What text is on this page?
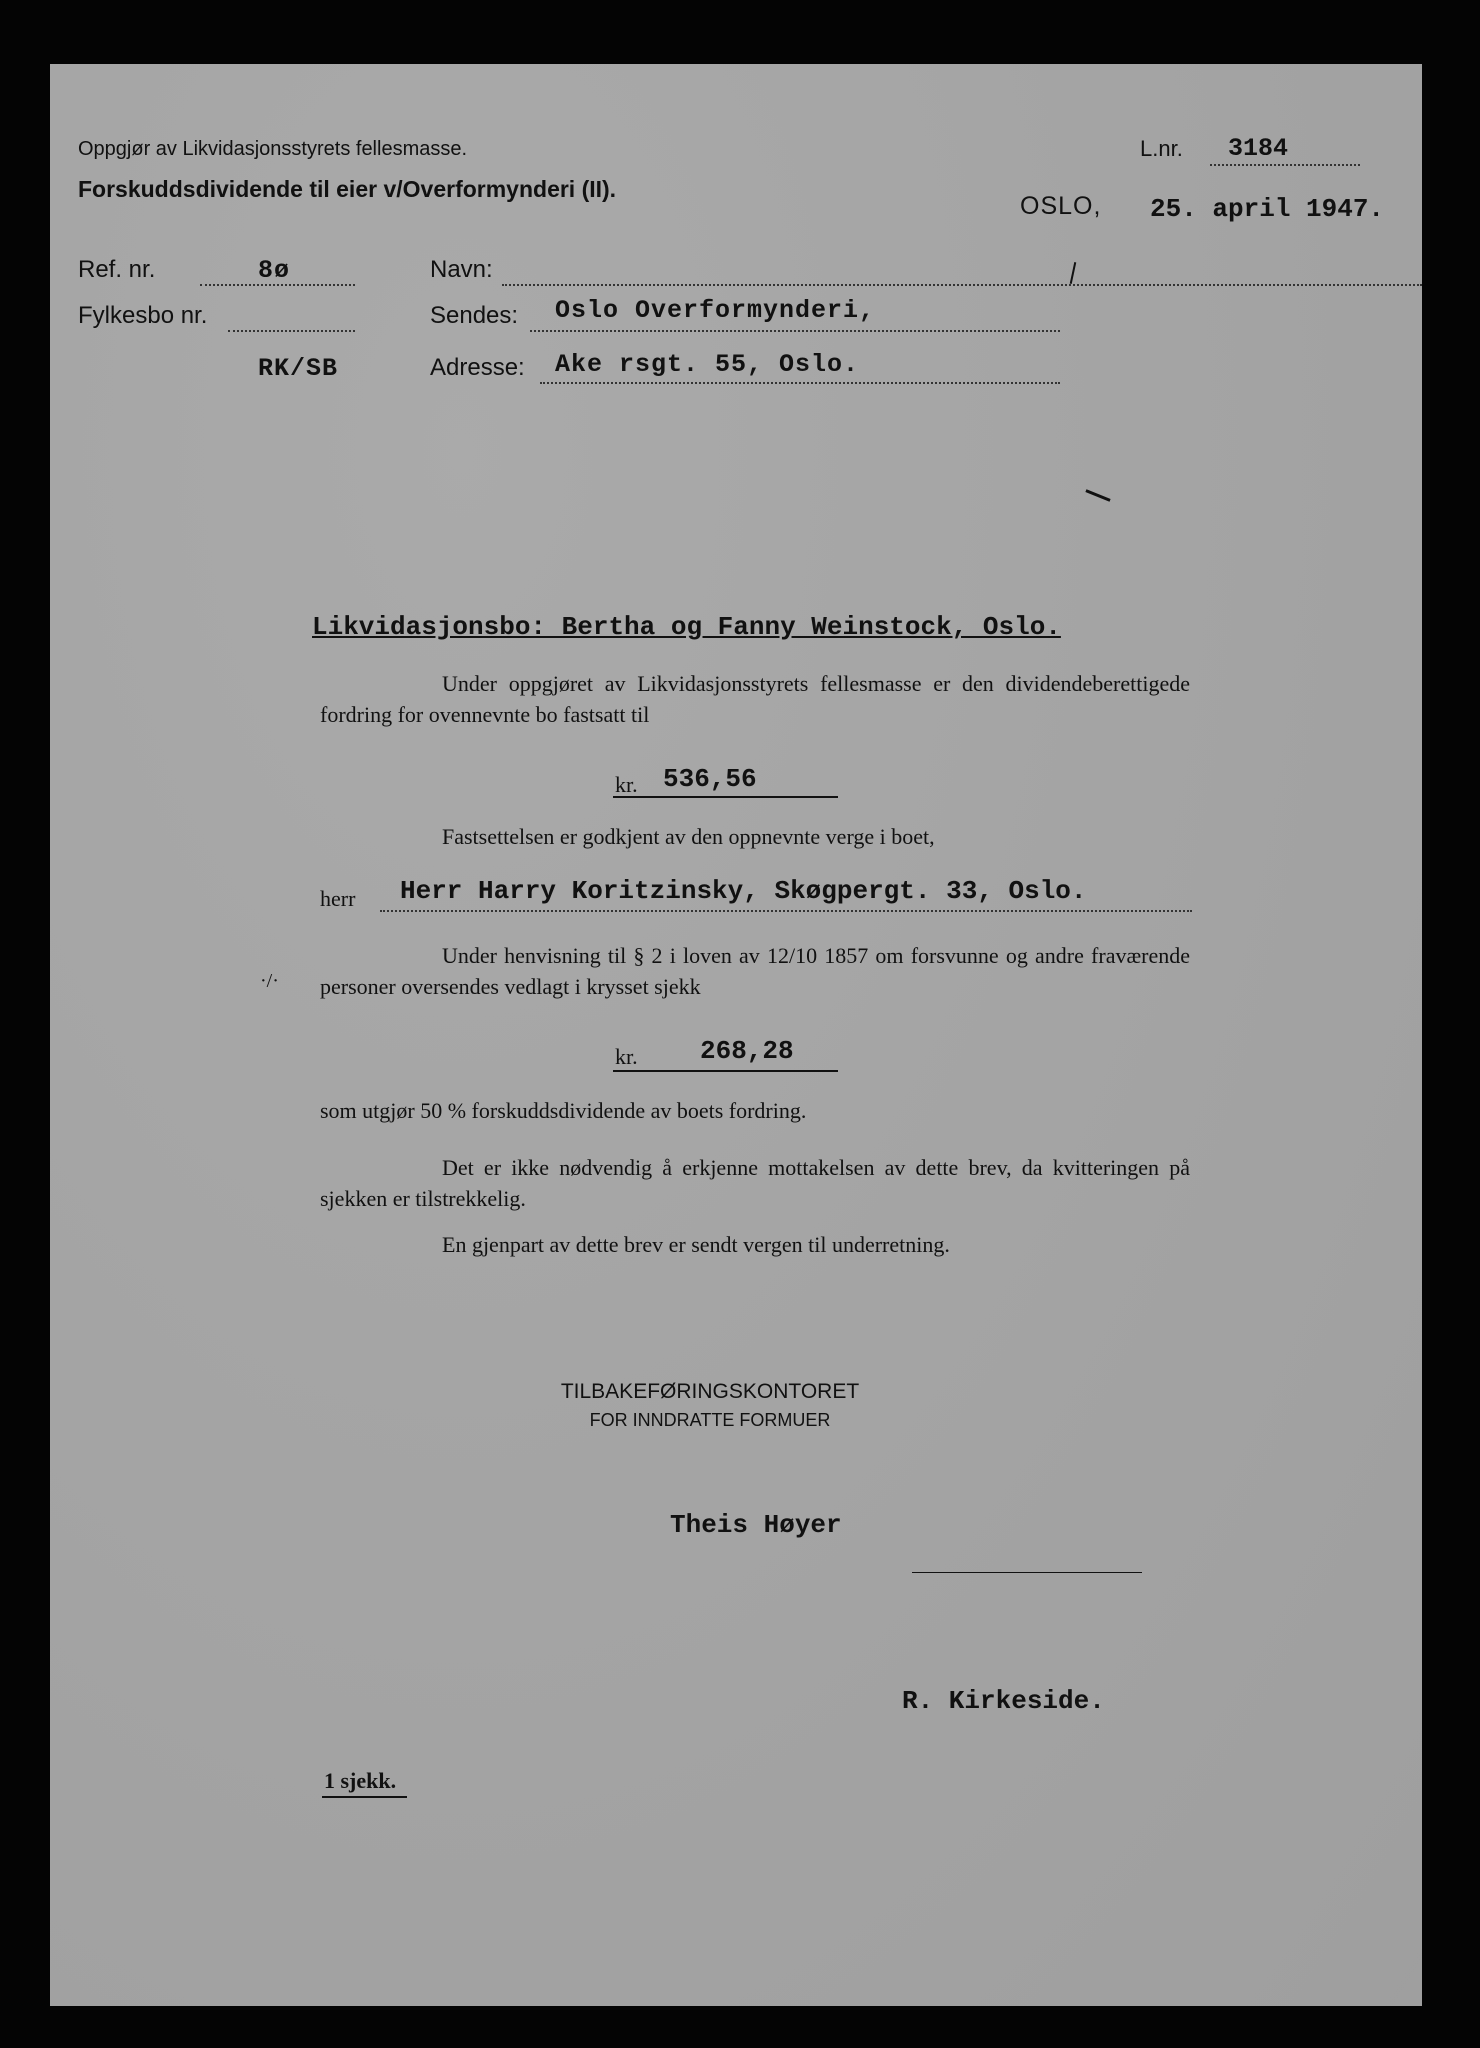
Oppgjør av Likvidasjonsstyrets fellesmasse.
Forskuddsdividende til eier v/Overformynderi (II).
L.nr. 3184
OSLO, 25. april 1947.
Ref. nr.	8ø
Fylkesbo nr.
RK/SB
Navn:
Sendes: Oslo Overformynderi,
Adresse: Ake rsgt. 55, Oslo.
Likvidasjonsbo: Bertha og Fanny Weinstock, Oslo.
Under oppgjøret av Likvidasjonsstyrets fellesmasse er den dividendeberettigede fordring for ovennevnte bo fastsatt til
kr. 536,56
Fastsettelsen er godkjent av den oppnevnte verge i boet,
herr Herr Harry Koritzinsky, Skøgpergt. 33, Oslo.
Under henvisning til § 2 i loven av 12/10 1857 om forsvunne og andre fraværende personer oversendes vedlagt i krysset sjekk
·/·
kr. 268,28
som utgjør 50 % forskuddsdividende av boets fordring.
Det er ikke nødvendig å erkjenne mottakelsen av dette brev, da kvitteringen på sjekken er tilstrekkelig.
En gjenpart av dette brev er sendt vergen til underretning.
TILBAKEFØRINGSKONTORET
FOR INNDRATTE FORMUER
Theis Høyer
R. Kirkeside.
1 sjekk.
